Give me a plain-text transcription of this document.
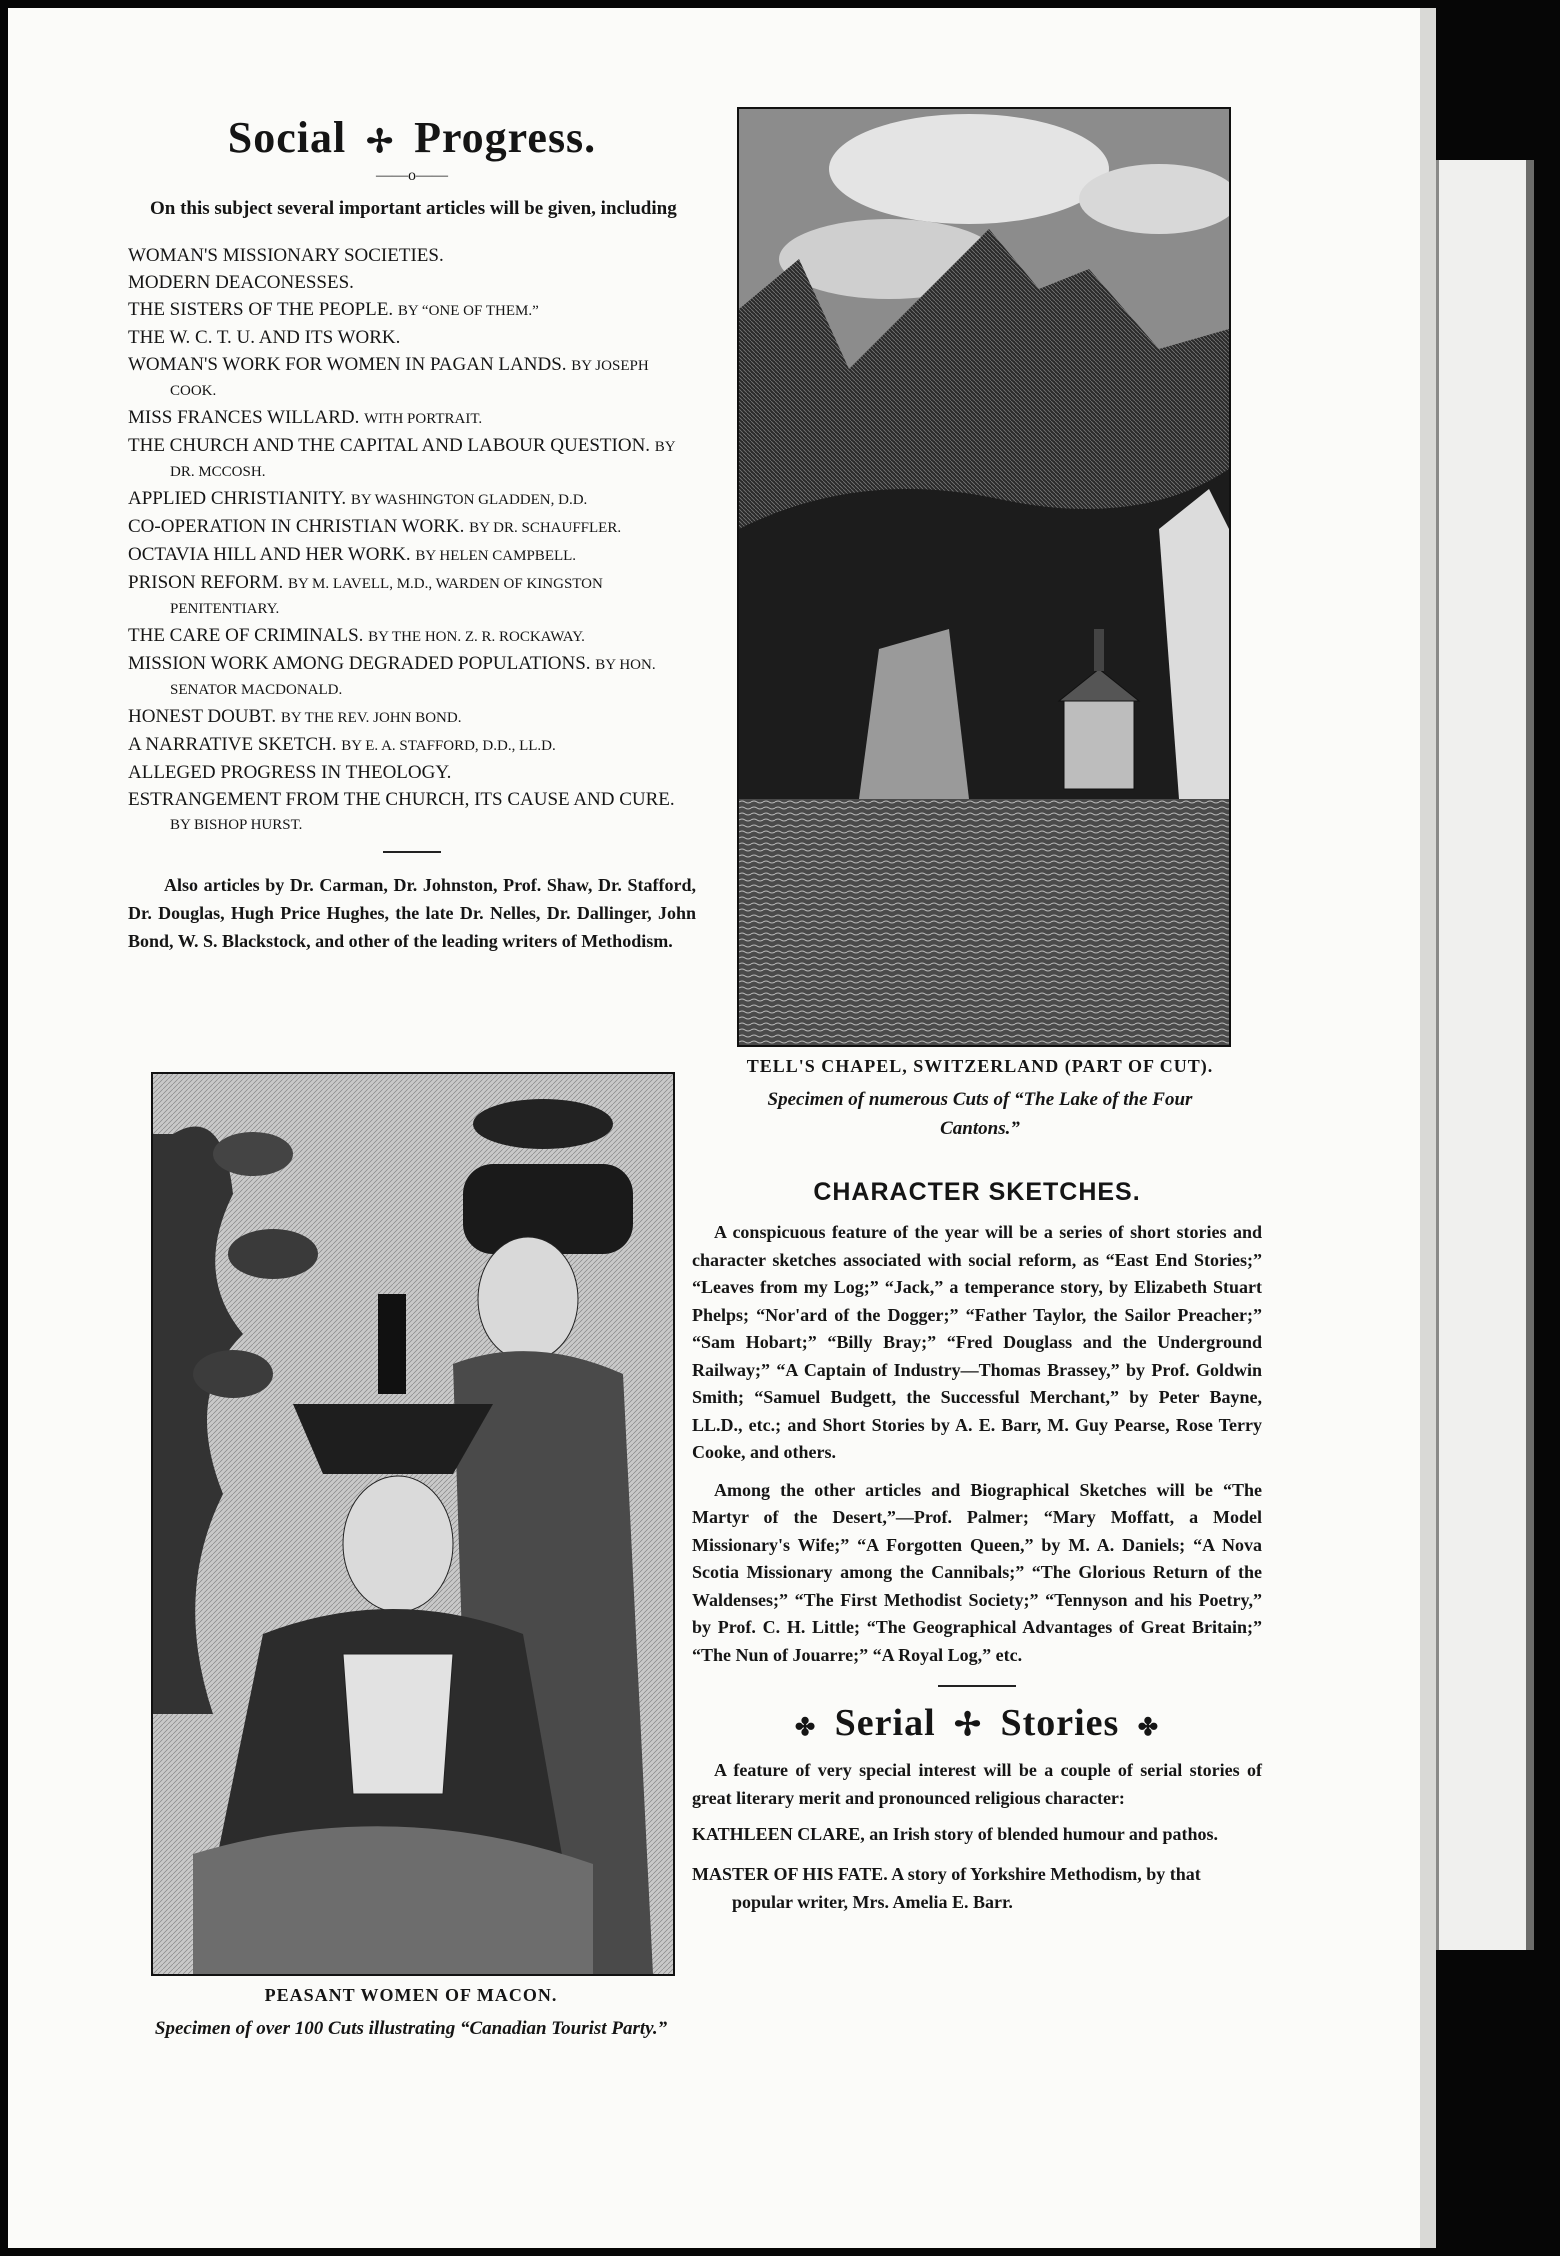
Social ✢ Progress.
——o——

On this subject several important articles will be given, including

WOMAN'S MISSIONARY SOCIETIES.
MODERN DEACONESSES.
THE SISTERS OF THE PEOPLE. BY “ONE OF THEM.”
THE W. C. T. U. AND ITS WORK.
WOMAN'S WORK FOR WOMEN IN PAGAN LANDS. BY JOSEPH COOK.
MISS FRANCES WILLARD. WITH PORTRAIT.
THE CHURCH AND THE CAPITAL AND LABOUR QUESTION. BY DR. MCCOSH.
APPLIED CHRISTIANITY. BY WASHINGTON GLADDEN, D.D.
CO-OPERATION IN CHRISTIAN WORK. BY DR. SCHAUFFLER.
OCTAVIA HILL AND HER WORK. BY HELEN CAMPBELL.
PRISON REFORM. BY M. LAVELL, M.D., WARDEN OF KINGSTON PENITENTIARY.
THE CARE OF CRIMINALS. BY THE HON. Z. R. ROCKAWAY.
MISSION WORK AMONG DEGRADED POPULATIONS. BY HON. SENATOR MACDONALD.
HONEST DOUBT. BY THE REV. JOHN BOND.
A NARRATIVE SKETCH. BY E. A. STAFFORD, D.D., LL.D.
ALLEGED PROGRESS IN THEOLOGY.
ESTRANGEMENT FROM THE CHURCH, ITS CAUSE AND CURE. BY BISHOP HURST.

Also articles by Dr. Carman, Dr. Johnston, Prof. Shaw, Dr. Stafford, Dr. Douglas, Hugh Price Hughes, the late Dr. Nelles, Dr. Dallinger, John Bond, W. S. Blackstock, and other of the leading writers of Methodism.

TELL'S CHAPEL, SWITZERLAND (PART OF CUT).
Specimen of numerous Cuts of “The Lake of the Four Cantons.”
PEASANT WOMEN OF MACON.
Specimen of over 100 Cuts illustrating “Canadian Tourist Party.”
CHARACTER SKETCHES.

A conspicuous feature of the year will be a series of short stories and character sketches associated with social reform, as “East End Stories;” “Leaves from my Log;” “Jack,” a temperance story, by Elizabeth Stuart Phelps; “Nor'ard of the Dogger;” “Father Taylor, the Sailor Preacher;” “Sam Hobart;” “Billy Bray;” “Fred Douglass and the Underground Railway;” “A Captain of Industry—Thomas Brassey,” by Prof. Goldwin Smith; “Samuel Budgett, the Successful Merchant,” by Peter Bayne, LL.D., etc.; and Short Stories by A. E. Barr, M. Guy Pearse, Rose Terry Cooke, and others.

Among the other articles and Biographical Sketches will be “The Martyr of the Desert,”—Prof. Palmer; “Mary Moffatt, a Model Missionary's Wife;” “A Forgotten Queen,” by M. A. Daniels; “A Nova Scotia Missionary among the Cannibals;” “The Glorious Return of the Waldenses;” “The First Methodist Society;” “Tennyson and his Poetry,” by Prof. C. H. Little; “The Geographical Advantages of Great Britain;” “The Nun of Jouarre;” “A Royal Log,” etc.

✤ Serial ✢ Stories ✤

A feature of very special interest will be a couple of serial stories of great literary merit and pronounced religious character:

KATHLEEN CLARE, an Irish story of blended humour and pathos.
MASTER OF HIS FATE. A story of Yorkshire Methodism, by that popular writer, Mrs. Amelia E. Barr.
